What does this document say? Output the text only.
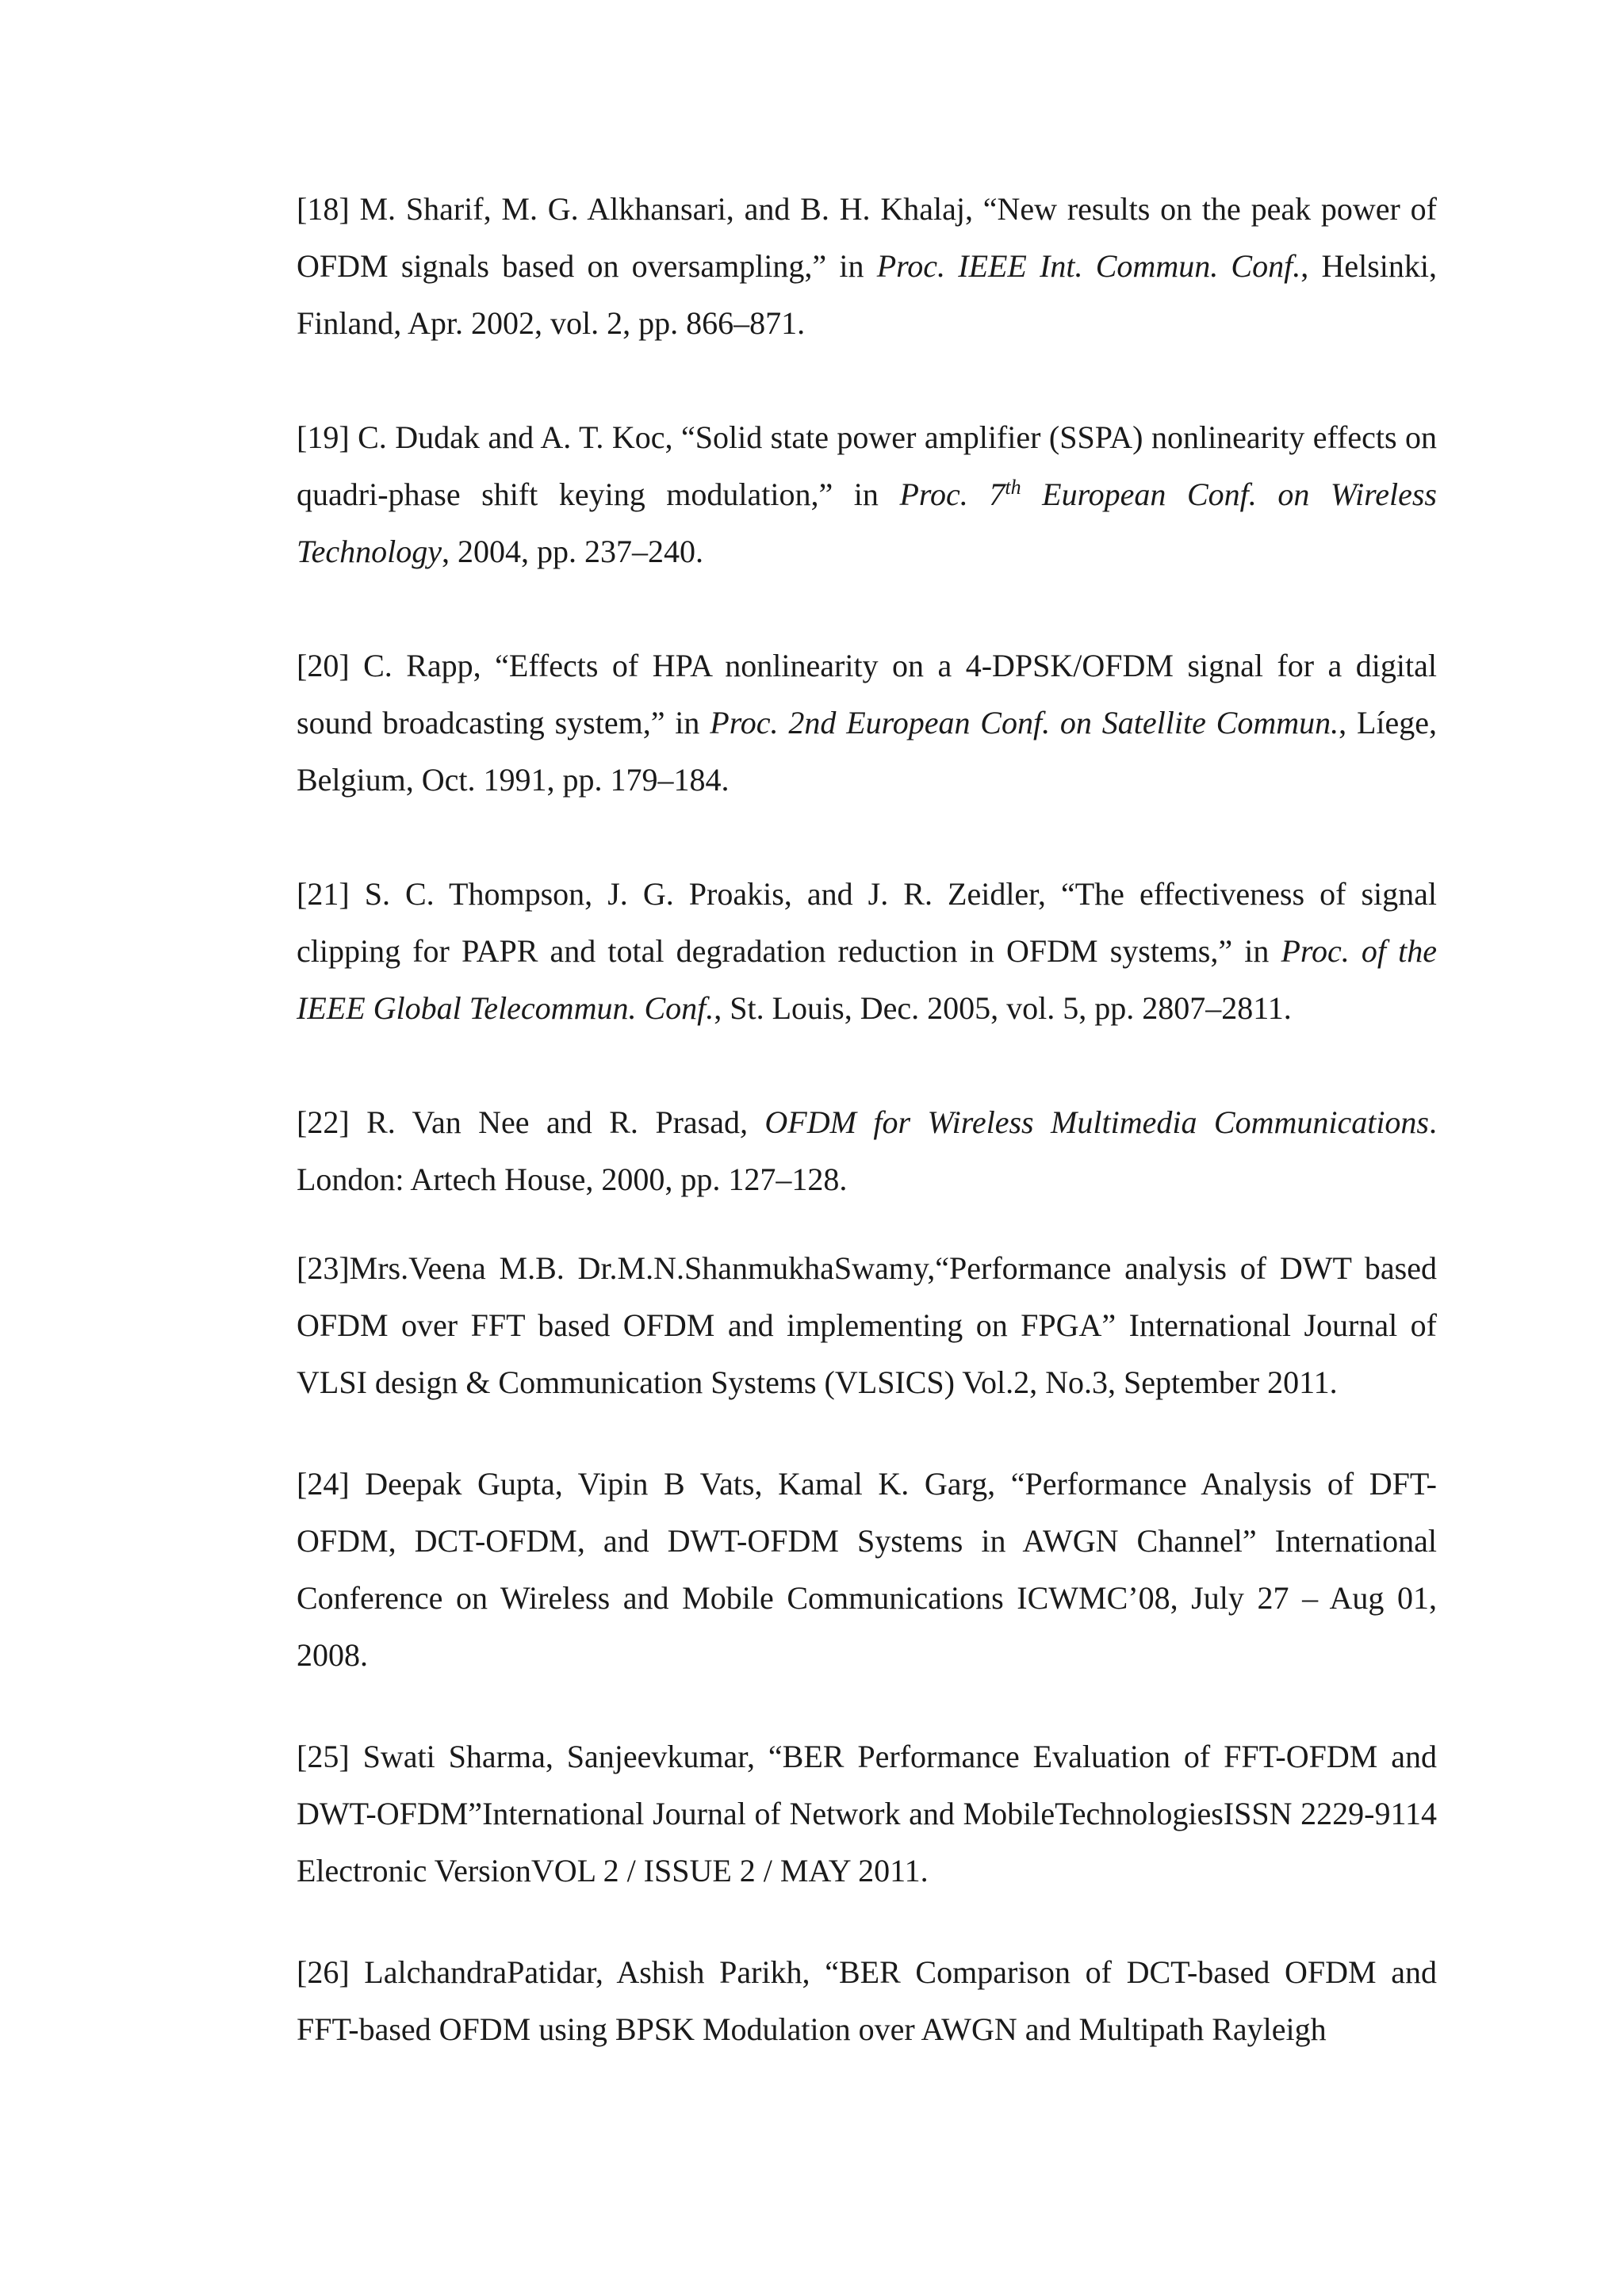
[18] M. Sharif, M. G. Alkhansari, and B. H. Khalaj, “New results on the peak power of OFDM signals based on oversampling,” in Proc. IEEE Int. Commun. Conf., Helsinki, Finland, Apr. 2002, vol. 2, pp. 866–871.

[19] C. Dudak and A. T. Koc, “Solid state power amplifier (SSPA) nonlinearity effects on quadri-phase shift keying modulation,” in Proc. 7th European Conf. on Wireless Technology, 2004, pp. 237–240.

[20] C. Rapp, “Effects of HPA nonlinearity on a 4-DPSK/OFDM signal for a digital sound broadcasting system,” in Proc. 2nd European Conf. on Satellite Commun., Líege, Belgium, Oct. 1991, pp. 179–184.

[21] S. C. Thompson, J. G. Proakis, and J. R. Zeidler, “The effectiveness of signal clipping for PAPR and total degradation reduction in OFDM systems,” in Proc. of the IEEE Global Telecommun. Conf., St. Louis, Dec. 2005, vol. 5, pp. 2807–2811.

[22] R. Van Nee and R. Prasad, OFDM for Wireless Multimedia Communications. London: Artech House, 2000, pp. 127–128.

[23]Mrs.Veena M.B. Dr.M.N.ShanmukhaSwamy,“Performance analysis of DWT based OFDM over FFT based OFDM and implementing on FPGA” International Journal of VLSI design & Communication Systems (VLSICS) Vol.2, No.3, September 2011.

[24] Deepak Gupta, Vipin B Vats, Kamal K. Garg, “Performance Analysis of DFT-OFDM, DCT-OFDM, and DWT-OFDM Systems in AWGN Channel” International Conference on Wireless and Mobile Communications ICWMC’08, July 27 – Aug 01, 2008.

[25] Swati Sharma, Sanjeevkumar, “BER Performance Evaluation of FFT-OFDM and DWT-OFDM”International Journal of Network and MobileTechnologiesISSN 2229-9114 Electronic VersionVOL 2 / ISSUE 2 / MAY 2011.

[26] LalchandraPatidar, Ashish Parikh, “BER Comparison of DCT-based OFDM and FFT-based OFDM using BPSK Modulation over AWGN and Multipath Rayleigh
